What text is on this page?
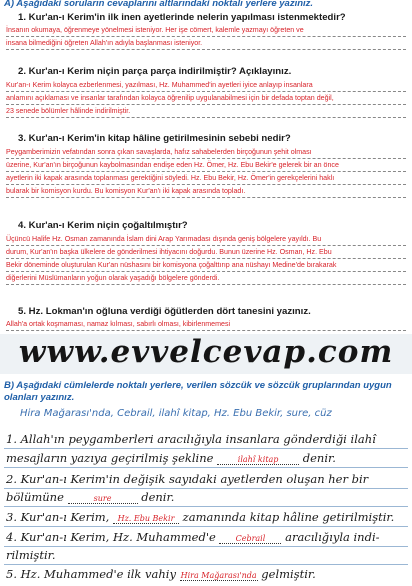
A) Aşağıdaki soruların cevaplarını altlarındaki noktalı yerlere yazınız.
1. Kur'an-ı Kerim'in ilk inen ayetlerinde nelerin yapılması istenmektedir?
İnsanın okumaya, öğrenmeye yönelmesi isteniyor. Her işe cömert, kalemle yazmayı öğreten ve
insana bilmediğini öğreten Allah'ın adıyla başlanması isteniyor.
2. Kur'an-ı Kerim niçin parça parça indirilmiştir? Açıklayınız.
Kur'an-ı Kerim kolayca ezberlenmesi, yazılması, Hz. Muhammed'in ayetleri iyice anlayıp insanlara
anlamını açıklaması ve insanlar tarafından kolayca öğrenilip uygulanabilmesi için bir defada toptan değil,
23 senede bölümler hâlinde indirilmiştir.
3. Kur'an-ı Kerim'in kitap hâline getirilmesinin sebebi nedir?
Peygamberimizin vefatından sonra çıkan savaşlarda, hafız sahabelerden birçoğunun şehit olması
üzerine, Kur'an'ın birçoğunun kaybolmasından endişe eden Hz. Ömer, Hz. Ebu Bekir'e gelerek bir an önce
ayetlerin iki kapak arasında toplanması gerektiğini söyledi. Hz. Ebu Bekir, Hz. Ömer'in gerekçelerini haklı
bularak bir komisyon kurdu. Bu komisyon Kur'an'ı iki kapak arasında topladı.
4. Kur'an-ı Kerim niçin çoğaltılmıştır?
Üçüncü Halife Hz. Osman zamanında İslam dini Arap Yarımadası dışında geniş bölgelere yayıldı. Bu
durum, Kur'an'ın başka ülkelere de gönderilmesi ihtiyacını doğurdu. Bunun üzerine Hz. Osman, Hz. Ebu
Bekir döneminde oluşturulan Kur'an nüshasını bir komisyona çoğalttırıp ana nüshayı Medine'de bırakarak
diğerlerini Müslümanların yoğun olarak yaşadığı bölgelere gönderdi.
5. Hz. Lokman'ın oğluna verdiği öğütlerden dört tanesini yazınız.
Allah'a ortak koşmaması, namaz kılması, sabırlı olması, kibirlenmemesi
www.evvelcevap.com
B) Aşağıdaki cümlelerde noktalı yerlere, verilen sözcük ve sözcük gruplarından uygun olanları yazınız.
Hira Mağarası'nda, Cebrail, ilahî kitap, Hz. Ebu Bekir, sure, cüz
1. Allah'ın peygamberleri aracılığıyla insanlara gönderdiği ilahî
mesajların yazıya geçirilmiş şekline	ilahî kitap denir.
2. Kur'an-ı Kerim'in değişik sayıdaki ayetlerden oluşan her bir
bölümüne	sure	denir.
3. Kur'an-ı Kerim, Hz. Ebu Bekir zamanında kitap hâline getirilmiştir.
4. Kur'an-ı Kerim, Hz. Muhammed'e Cebrail aracılığıyla indi-
rilmiştir.
5. Hz. Muhammed'e ilk vahiy Hira Mağarası'nda gelmiştir.
